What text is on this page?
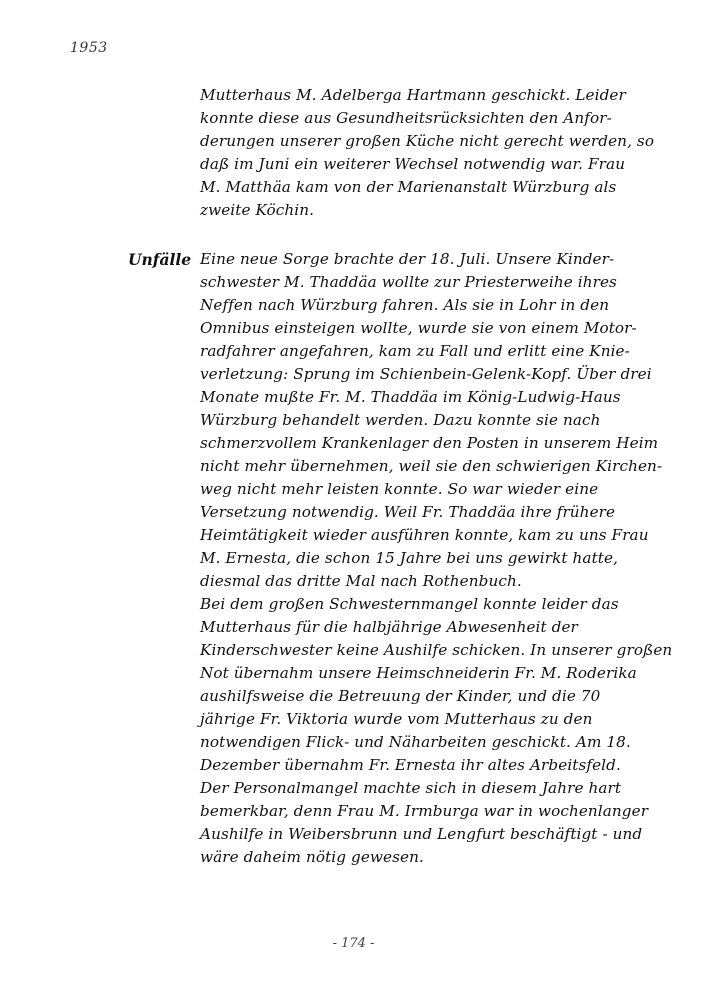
1953
Mutterhaus M. Adelberga Hartmann geschickt. Leider
konnte diese aus Gesundheitsrücksichten den Anfor-
derungen unserer großen Küche nicht gerecht werden, so
daß im Juni ein weiterer Wechsel notwendig war. Frau
M. Matthäa kam von der Marienanstalt Würzburg als
zweite Köchin.
Unfälle Eine neue Sorge brachte der 18. Juli. Unsere Kinder-
schwester M. Thaddäa wollte zur Priesterweihe ihres
Neffen nach Würzburg fahren. Als sie in Lohr in den
Omnibus einsteigen wollte, wurde sie von einem Motor-
radfahrer angefahren, kam zu Fall und erlitt eine Knie-
verletzung: Sprung im Schienbein-Gelenk-Kopf. Über drei
Monate mußte Fr. M. Thaddäa im König-Ludwig-Haus
Würzburg behandelt werden. Dazu konnte sie nach
schmerzvollem Krankenlager den Posten in unserem Heim
nicht mehr übernehmen, weil sie den schwierigen Kirchen-
weg nicht mehr leisten konnte. So war wieder eine
Versetzung notwendig. Weil Fr. Thaddäa ihre frühere
Heimtätigkeit wieder ausführen konnte, kam zu uns Frau
M. Ernesta, die schon 15 Jahre bei uns gewirkt hatte,
diesmal das dritte Mal nach Rothenbuch.
Bei dem großen Schwesternmangel konnte leider das
Mutterhaus für die halbjährige Abwesenheit der
Kinderschwester keine Aushilfe schicken. In unserer großen
Not übernahm unsere Heimschneiderin Fr. M. Roderika
aushilfsweise die Betreuung der Kinder, und die 70
jährige Fr. Viktoria wurde vom Mutterhaus zu den
notwendigen Flick- und Näharbeiten geschickt. Am 18.
Dezember übernahm Fr. Ernesta ihr altes Arbeitsfeld.
Der Personalmangel machte sich in diesem Jahre hart
bemerkbar, denn Frau M. Irmburga war in wochenlanger
Aushilfe in Weibersbrunn und Lengfurt beschäftigt - und
wäre daheim nötig gewesen.
- 174 -
